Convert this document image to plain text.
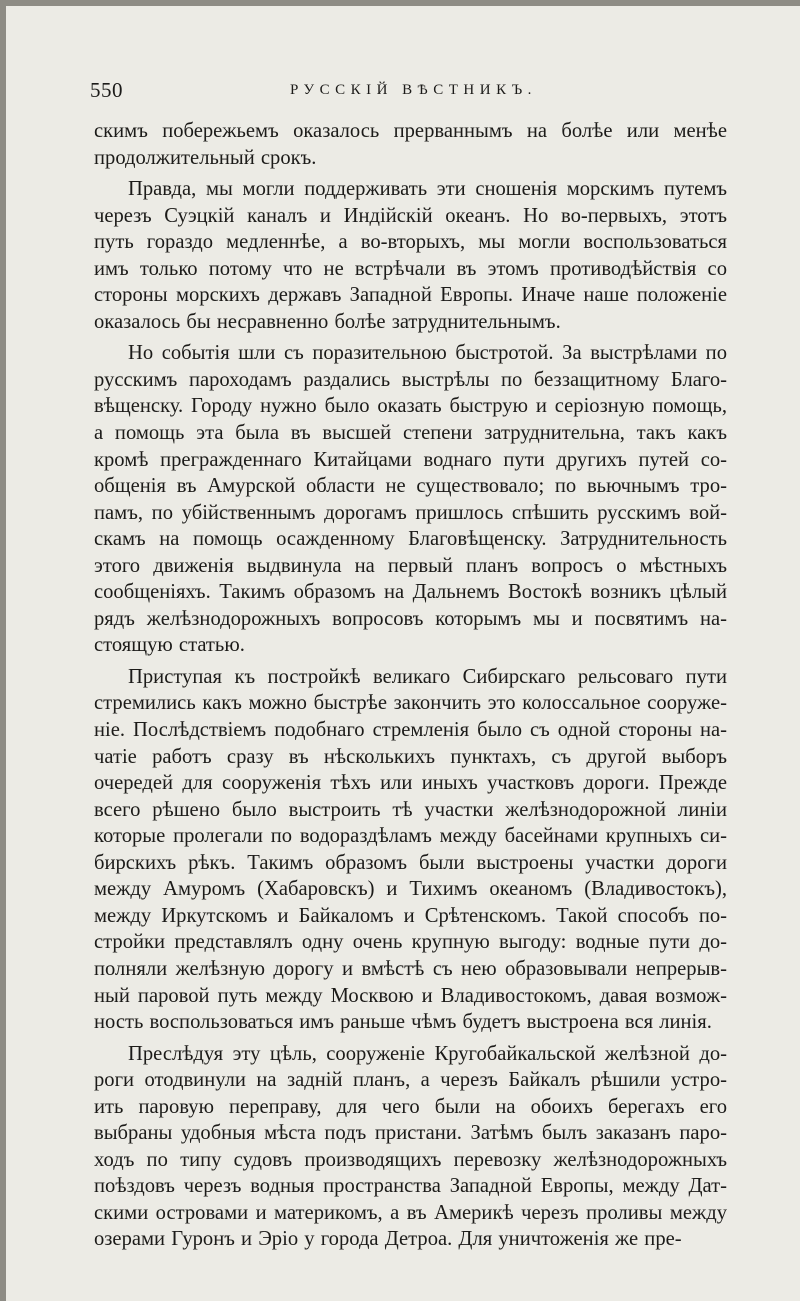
550	РУССКІЙ ВѢСТНИКЪ.
скимъ побережьемъ оказалось прерваннымъ на болѣе или менѣе
продолжительный срокъ.
Правда, мы могли поддерживать эти сношенія морскимъ путемъ
черезъ Суэцкій каналъ и Индійскій океанъ. Но во-первыхъ, этотъ
путь гораздо медленнѣе, а во-вторыхъ, мы могли воспользоваться
имъ только потому что не встрѣчали въ этомъ противодѣйствія со
стороны морскихъ державъ Западной Европы. Иначе наше положеніе
оказалось бы несравненно болѣе затруднительнымъ.
Но событія шли съ поразительною быстротой. За выстрѣлами по
русскимъ пароходамъ раздались выстрѣлы по беззащитному Благо-
вѣщенску. Городу нужно было оказать быструю и серіозную помощь,
а помощь эта была въ высшей степени затруднительна, такъ какъ
кромѣ прегражденнаго Китайцами воднаго пути другихъ путей со-
общенія въ Амурской области не существовало; по вьючнымъ тро-
памъ, по убійственнымъ дорогамъ пришлось спѣшить русскимъ вой-
скамъ на помощь осажденному Благовѣщенску. Затруднительность
этого движенія выдвинула на первый планъ вопросъ о мѣстныхъ
сообщеніяхъ. Такимъ образомъ на Дальнемъ Востокѣ возникъ цѣлый
рядъ желѣзнодорожныхъ вопросовъ которымъ мы и посвятимъ на-
стоящую статью.
Приступая къ постройкѣ великаго Сибирскаго рельсоваго пути
стремились какъ можно быстрѣе закончить это колоссальное сооруже-
ніе. Послѣдствіемъ подобнаго стремленія было съ одной стороны на-
чатіе работъ сразу въ нѣсколькихъ пунктахъ, съ другой выборъ
очередей для сооруженія тѣхъ или иныхъ участковъ дороги. Прежде
всего рѣшено было выстроить тѣ участки желѣзнодорожной линіи
которые пролегали по водораздѣламъ между басейнами крупныхъ си-
бирскихъ рѣкъ. Такимъ образомъ были выстроены участки дороги
между Амуромъ (Хабаровскъ) и Тихимъ океаномъ (Владивостокъ),
между Иркутскомъ и Байкаломъ и Срѣтенскомъ. Такой способъ по-
стройки представлялъ одну очень крупную выгоду: водные пути до-
полняли желѣзную дорогу и вмѣстѣ съ нею образовывали непрерыв-
ный паровой путь между Москвою и Владивостокомъ, давая возмож-
ность воспользоваться имъ раньше чѣмъ будетъ выстроена вся линія.
Преслѣдуя эту цѣль, сооруженіе Кругобайкальской желѣзной до-
роги отодвинули на задній планъ, а черезъ Байкалъ рѣшили устро-
ить паровую переправу, для чего были на обоихъ берегахъ его
выбраны удобныя мѣста подъ пристани. Затѣмъ былъ заказанъ паро-
ходъ по типу судовъ производящихъ перевозку желѣзнодорожныхъ
поѣздовъ черезъ водныя пространства Западной Европы, между Дат-
скими островами и материкомъ, а въ Америкѣ черезъ проливы между
озерами Гуронъ и Эріо у города Детроа. Для уничтоженія же пре-
